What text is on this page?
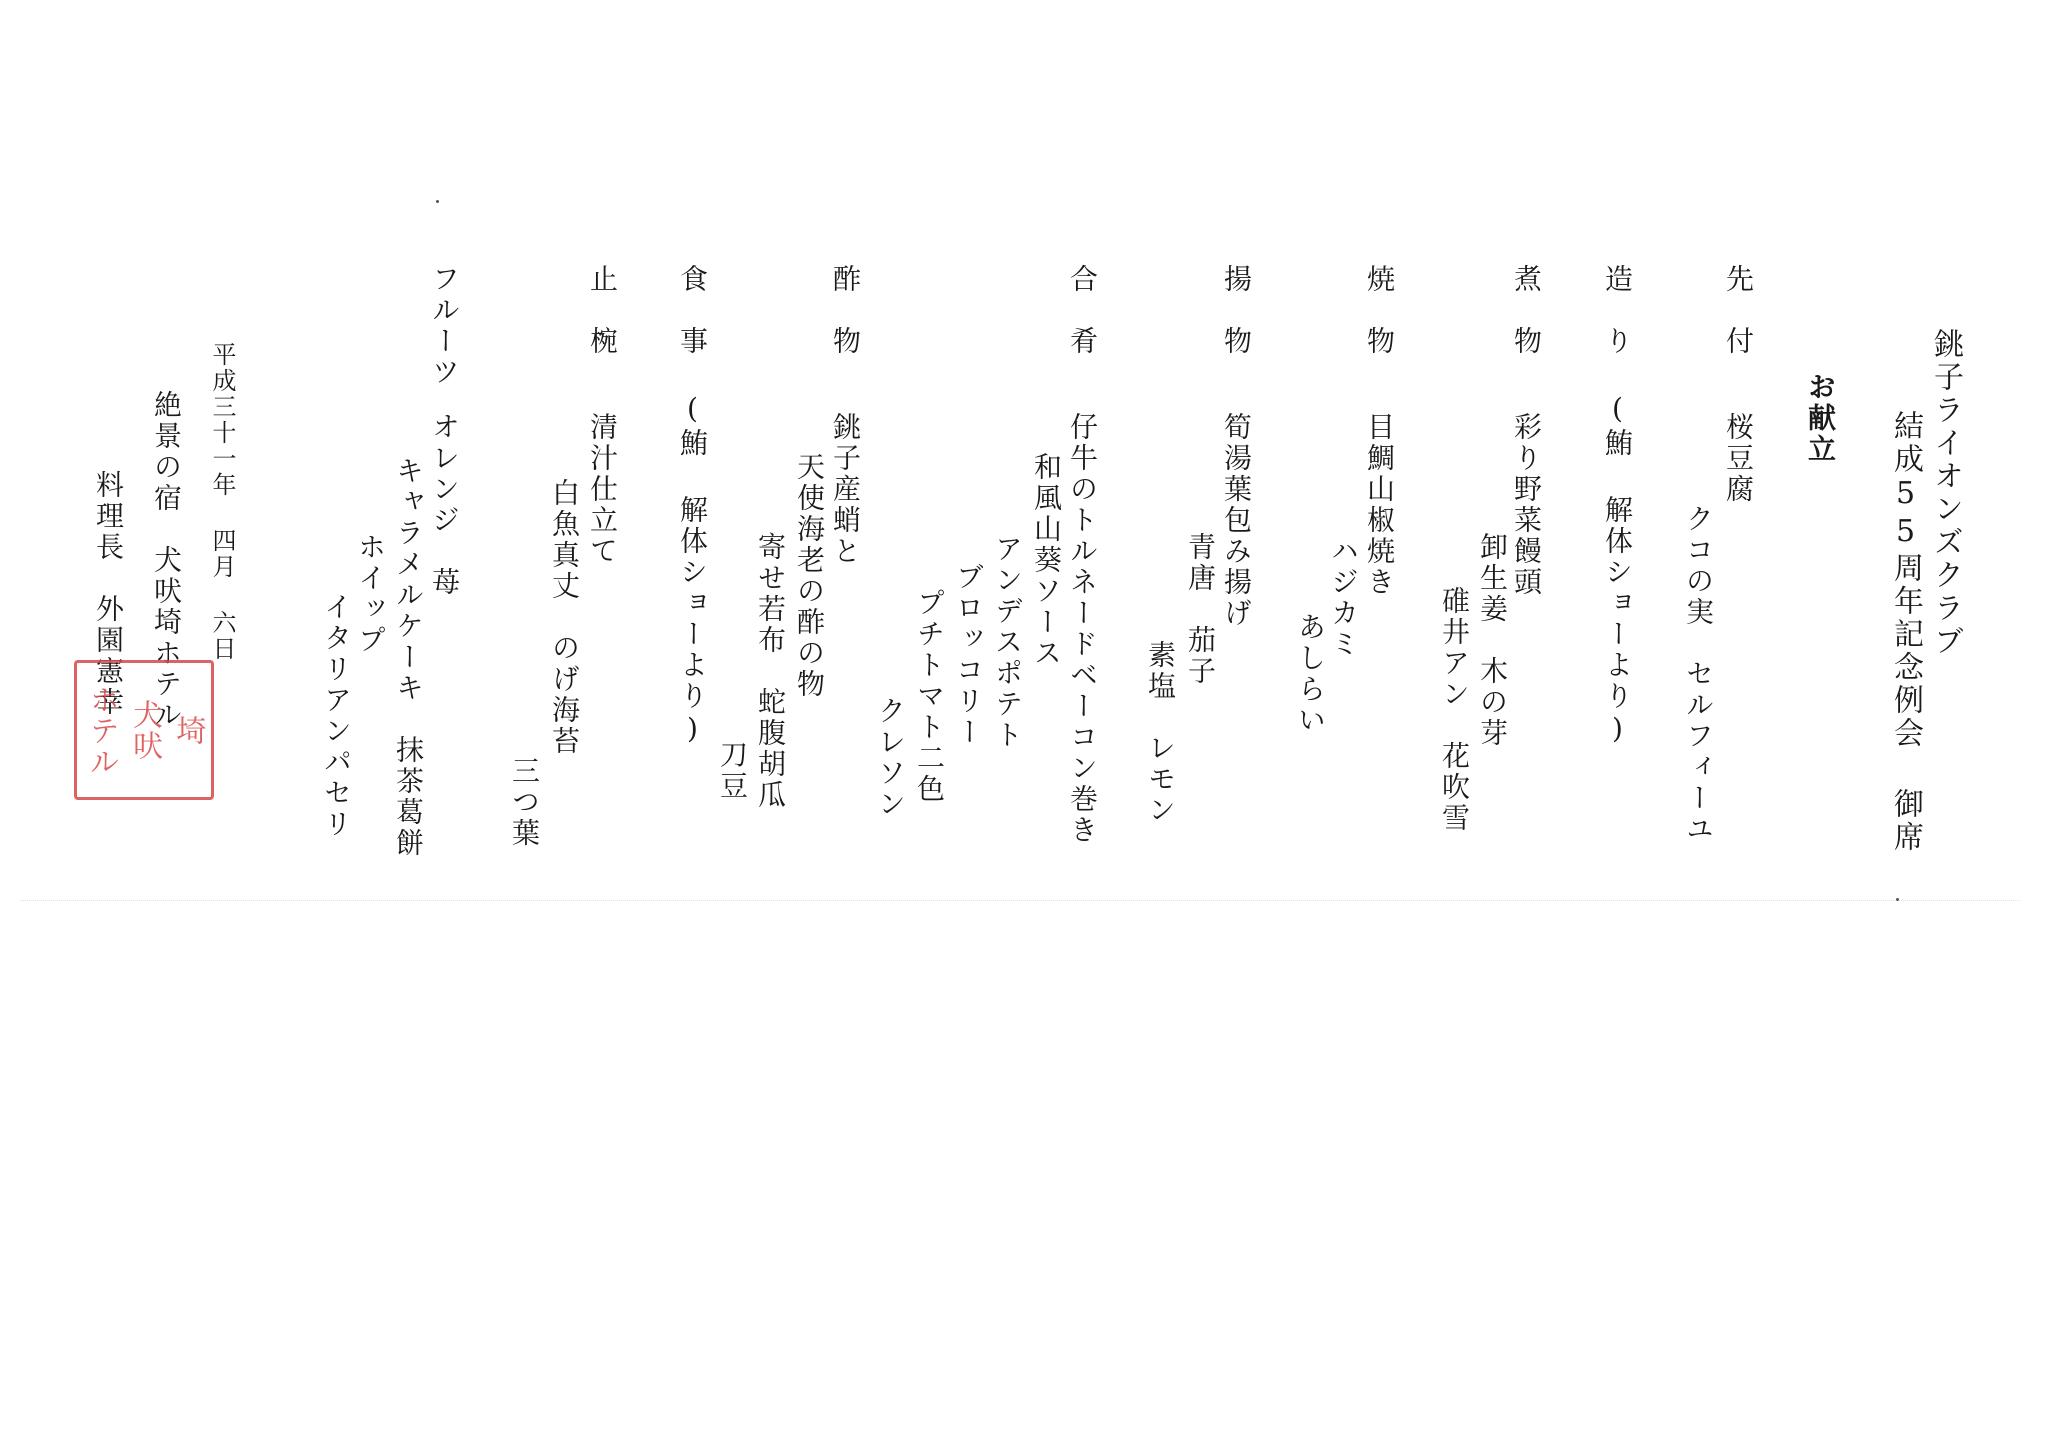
銚子ライオンズクラブ
結成55周年記念例会 御席
お献立
先　付
桜豆腐
クコの実　セルフィーユ
造　り
(鮪 解体ショーより)
煮　物
彩り野菜饅頭
卸生姜　木の芽
碓井アン　花吹雪
焼　物
目鯛山椒焼き
ハジカミ
あしらい
揚　物
筍湯葉包み揚げ
青唐　茄子
素塩　レモン
合　肴
仔牛のトルネードベーコン巻き
和風山葵ソース
アンデスポテト
ブロッコリー
プチトマト二色
クレソン
酢　物
銚子産蛸と
天使海老の酢の物
寄せ若布　蛇腹胡瓜
刀豆
食　事
(鮪 解体ショーより)
止　椀
清汁仕立て
白魚真丈　のげ海苔
三つ葉
フルーツ
オレンジ　苺
キャラメルケーキ　抹茶葛餅
ホイップ
イタリアンパセリ
平成三十一年 四月 六日
絶景の宿　犬吠埼ホテル
料理長　外園憲幸
ホテル 犬吠 埼
